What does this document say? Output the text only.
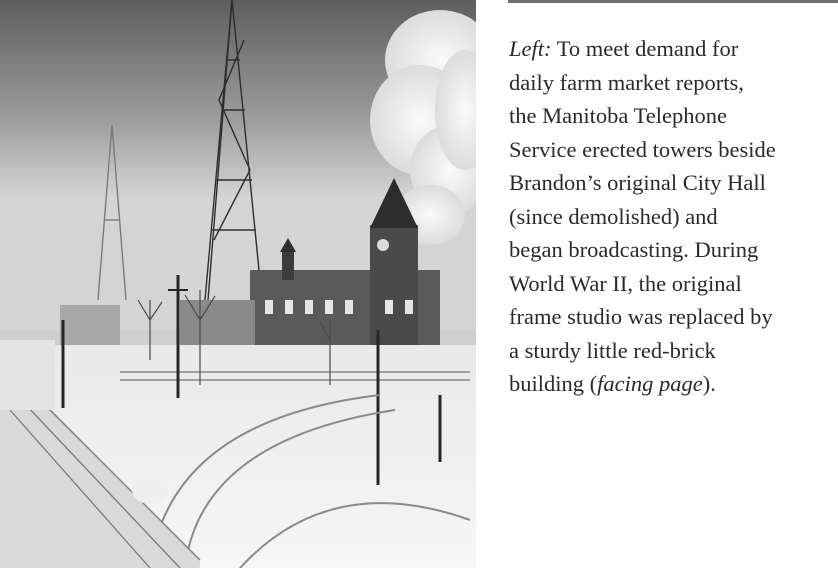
Left: To meet demand for
daily farm market reports,
the Manitoba Telephone
Service erected towers beside
Brandon’s original City Hall
(since demolished) and
began broadcasting. During
World War II, the original
frame studio was replaced by
a sturdy little red-brick
building (facing page).
